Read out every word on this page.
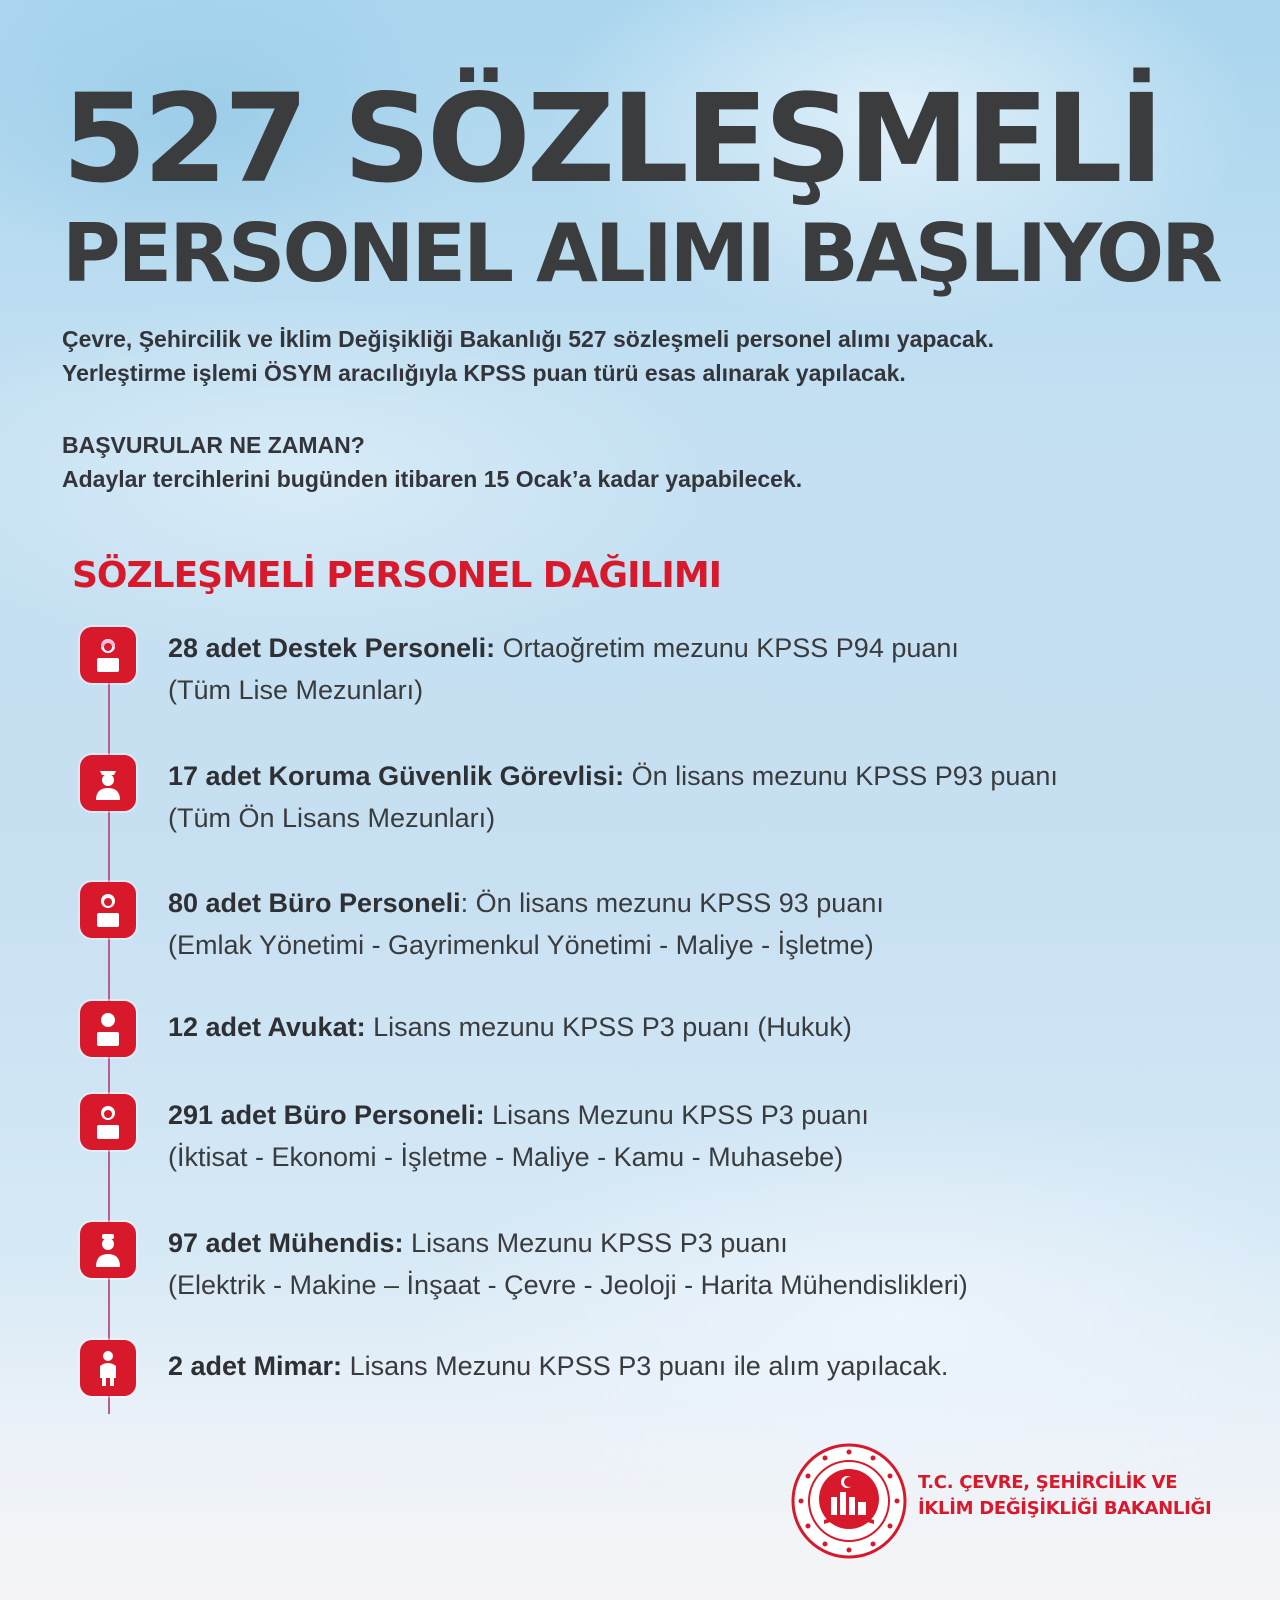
527 SÖZLEŞMELİ
PERSONEL ALIMI BAŞLIYOR

Çevre, Şehircilik ve İklim Değişikliği Bakanlığı 527 sözleşmeli personel alımı yapacak.

Yerleştirme işlemi ÖSYM aracılığıyla KPSS puan türü esas alınarak yapılacak.

BAŞVURULAR NE ZAMAN?

Adaylar tercihlerini bugünden itibaren 15 Ocak’a kadar yapabilecek.

SÖZLEŞMELİ PERSONEL DAĞILIMI
28 adet Destek Personeli: Ortaoğretim mezunu KPSS P94 puanı
(Tüm Lise Mezunları)
17 adet Koruma Güvenlik Görevlisi: Ön lisans mezunu KPSS P93 puanı
(Tüm Ön Lisans Mezunları)
80 adet Büro Personeli: Ön lisans mezunu KPSS 93 puanı
(Emlak Yönetimi - Gayrimenkul Yönetimi - Maliye - İşletme)
12 adet Avukat: Lisans mezunu KPSS P3 puanı (Hukuk)
291 adet Büro Personeli: Lisans Mezunu KPSS P3 puanı
(İktisat - Ekonomi - İşletme - Maliye - Kamu - Muhasebe)
97 adet Mühendis: Lisans Mezunu KPSS P3 puanı
(Elektrik - Makine – İnşaat - Çevre - Jeoloji - Harita Mühendislikleri)
2 adet Mimar: Lisans Mezunu KPSS P3 puanı ile alım yapılacak.
T.C. ÇEVRE, ŞEHİRCİLİK VE
İKLİM DEĞİŞİKLİĞİ BAKANLIĞI
